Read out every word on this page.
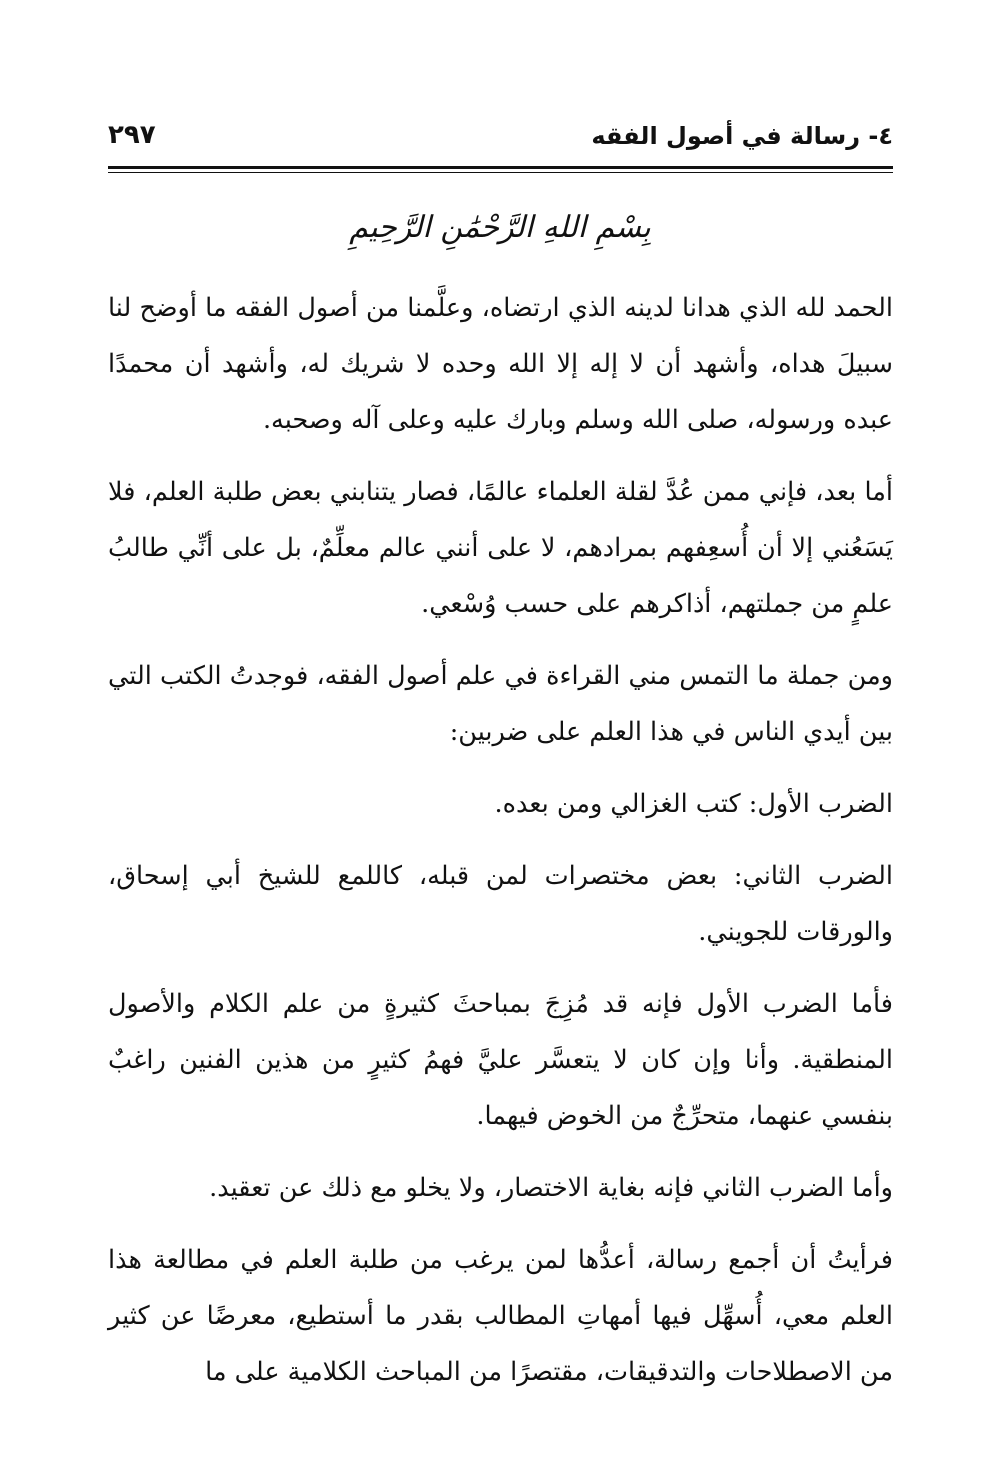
٤- رسالة في أصول الفقه
٢٩٧
بِسْمِ اللهِ الرَّحْمَٰنِ الرَّحِيمِ

الحمد لله الذي هدانا لدينه الذي ارتضاه، وعلَّمنا من أصول الفقه ما أوضح لنا سبيلَ هداه، وأشهد أن لا إله إلا الله وحده لا شريك له، وأشهد أن محمدًا عبده ورسوله، صلى الله وسلم وبارك عليه وعلى آله وصحبه.

أما بعد، فإني ممن عُدَّ لقلة العلماء عالمًا، فصار يتنابني بعض طلبة العلم، فلا يَسَعُني إلا أن أُسعِفهم بمرادهم، لا على أنني عالم معلِّمٌ، بل على أنِّي طالبُ علمٍ من جملتهم، أذاكرهم على حسب وُسْعي.

ومن جملة ما التمس مني القراءة في علم أصول الفقه، فوجدتُ الكتب التي بين أيدي الناس في هذا العلم على ضربين:

الضرب الأول: كتب الغزالي ومن بعده.

الضرب الثاني: بعض مختصرات لمن قبله، كاللمع للشيخ أبي إسحاق، والورقات للجويني.

فأما الضرب الأول فإنه قد مُزِجَ بمباحثَ كثيرةٍ من علم الكلام والأصول المنطقية. وأنا وإن كان لا يتعسَّر عليَّ فهمُ كثيرٍ من هذين الفنين راغبٌ بنفسي عنهما، متحرِّجٌ من الخوض فيهما.

وأما الضرب الثاني فإنه بغاية الاختصار، ولا يخلو مع ذلك عن تعقيد.

فرأيتُ أن أجمع رسالة، أعدُّها لمن يرغب من طلبة العلم في مطالعة هذا العلم معي، أُسهِّل فيها أمهاتِ المطالب بقدر ما أستطيع، معرضًا عن كثير من الاصطلاحات والتدقيقات، مقتصرًا من المباحث الكلامية على ما
